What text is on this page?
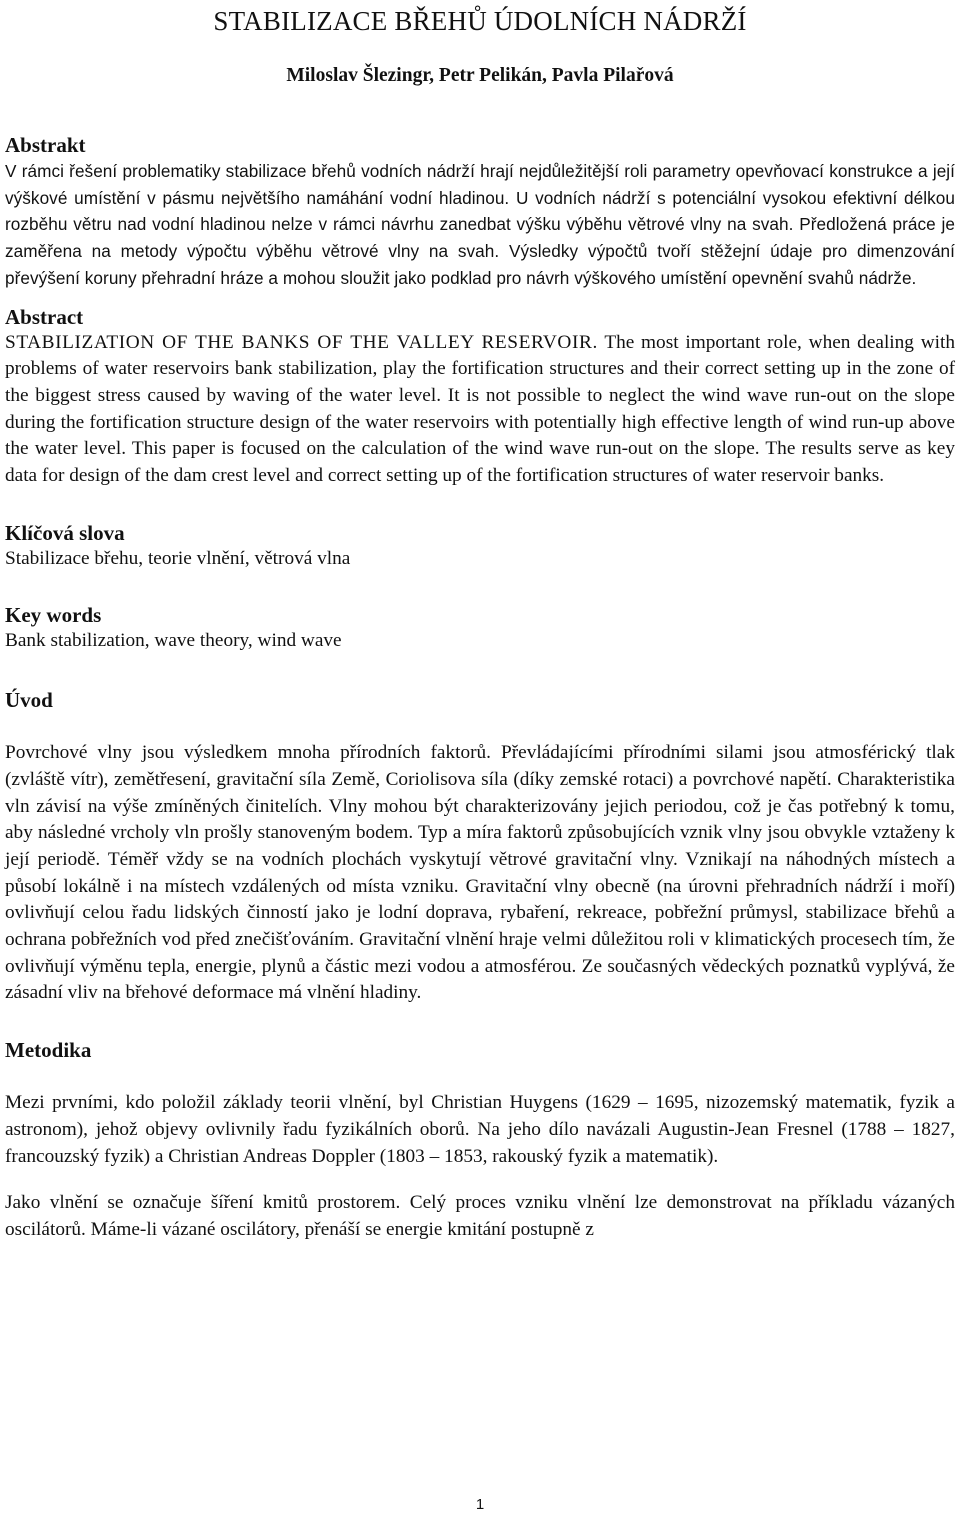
STABILIZACE BŘEHŮ ÚDOLNÍCH NÁDRŽÍ
Miloslav Šlezingr, Petr Pelikán, Pavla Pilařová
Abstrakt

V rámci řešení problematiky stabilizace břehů vodních nádrží hrají nejdůležitější roli parametry opevňovací konstrukce a její výškové umístění v pásmu největšího namáhání vodní hladinou. U vodních nádrží s potenciální vysokou efektivní délkou rozběhu větru nad vodní hladinou nelze v rámci návrhu zanedbat výšku výběhu větrové vlny na svah. Předložená práce je zaměřena na metody výpočtu výběhu větrové vlny na svah. Výsledky výpočtů tvoří stěžejní údaje pro dimenzování převýšení koruny přehradní hráze a mohou sloužit jako podklad pro návrh výškového umístění opevnění svahů nádrže.

Abstract

STABILIZATION OF THE BANKS OF THE VALLEY RESERVOIR. The most important role, when dealing with problems of water reservoirs bank stabilization, play the fortification structures and their correct setting up in the zone of the biggest stress caused by waving of the water level. It is not possible to neglect the wind wave run-out on the slope during the fortification structure design of the water reservoirs with potentially high effective length of wind run-up above the water level. This paper is focused on the calculation of the wind wave run-out on the slope. The results serve as key data for design of the dam crest level and correct setting up of the fortification structures of water reservoir banks.

Klíčová slova

Stabilizace břehu, teorie vlnění, větrová vlna

Key words

Bank stabilization, wave theory, wind wave

Úvod

Povrchové vlny jsou výsledkem mnoha přírodních faktorů. Převládajícími přírodními silami jsou atmosférický tlak (zvláště vítr), zemětřesení, gravitační síla Země, Coriolisova síla (díky zemské rotaci) a povrchové napětí. Charakteristika vln závisí na výše zmíněných činitelích. Vlny mohou být charakterizovány jejich periodou, což je čas potřebný k tomu, aby následné vrcholy vln prošly stanoveným bodem. Typ a míra faktorů způsobujících vznik vlny jsou obvykle vztaženy k její periodě. Téměř vždy se na vodních plochách vyskytují větrové gravitační vlny. Vznikají na náhodných místech a působí lokálně i na místech vzdálených od místa vzniku. Gravitační vlny obecně (na úrovni přehradních nádrží i moří) ovlivňují celou řadu lidských činností jako je lodní doprava, rybaření, rekreace, pobřežní průmysl, stabilizace břehů a ochrana pobřežních vod před znečišťováním. Gravitační vlnění hraje velmi důležitou roli v klimatických procesech tím, že ovlivňují výměnu tepla, energie, plynů a částic mezi vodou a atmosférou. Ze současných vědeckých poznatků vyplývá, že zásadní vliv na břehové deformace má vlnění hladiny.

Metodika

Mezi prvními, kdo položil základy teorii vlnění, byl Christian Huygens (1629 – 1695, nizozemský matematik, fyzik a astronom), jehož objevy ovlivnily řadu fyzikálních oborů. Na jeho dílo navázali Augustin-Jean Fresnel (1788 – 1827, francouzský fyzik) a Christian Andreas Doppler (1803 – 1853, rakouský fyzik a matematik).

Jako vlnění se označuje šíření kmitů prostorem. Celý proces vzniku vlnění lze demonstrovat na příkladu vázaných oscilátorů. Máme-li vázané oscilátory, přenáší se energie kmitání postupně z

1
